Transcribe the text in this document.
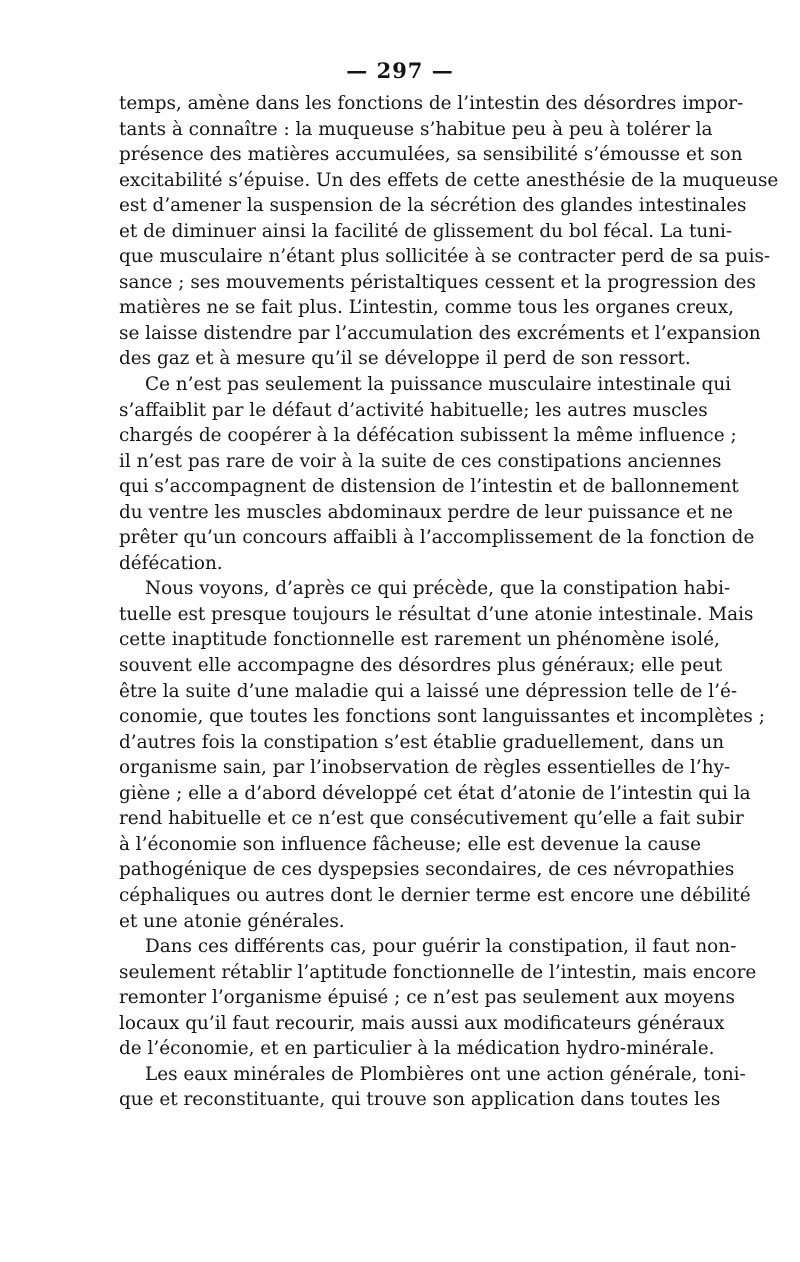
— 297 —
temps, amène dans les fonctions de l’intestin des désordres impor-
tants à connaître : la muqueuse s’habitue peu à peu à tolérer la
présence des matières accumulées, sa sensibilité s’émousse et son
excitabilité s’épuise. Un des effets de cette anesthésie de la muqueuse
est d’amener la suspension de la sécrétion des glandes intestinales
et de diminuer ainsi la facilité de glissement du bol fécal. La tuni-
que musculaire n’étant plus sollicitée à se contracter perd de sa puis-
sance ; ses mouvements péristaltiques cessent et la progression des
matières ne se fait plus. L’intestin, comme tous les organes creux,
se laisse distendre par l’accumulation des excréments et l’expansion
des gaz et à mesure qu’il se développe il perd de son ressort.
Ce n’est pas seulement la puissance musculaire intestinale qui
s’affaiblit par le défaut d’activité habituelle; les autres muscles
chargés de coopérer à la défécation subissent la même influence ;
il n’est pas rare de voir à la suite de ces constipations anciennes
qui s’accompagnent de distension de l’intestin et de ballonnement
du ventre les muscles abdominaux perdre de leur puissance et ne
prêter qu’un concours affaibli à l’accomplissement de la fonction de
défécation.
Nous voyons, d’après ce qui précède, que la constipation habi-
tuelle est presque toujours le résultat d’une atonie intestinale. Mais
cette inaptitude fonctionnelle est rarement un phénomène isolé,
souvent elle accompagne des désordres plus généraux; elle peut
être la suite d’une maladie qui a laissé une dépression telle de l’é-
conomie, que toutes les fonctions sont languissantes et incomplètes ;
d’autres fois la constipation s’est établie graduellement, dans un
organisme sain, par l’inobservation de règles essentielles de l’hy-
giène ; elle a d’abord développé cet état d’atonie de l’intestin qui la
rend habituelle et ce n’est que consécutivement qu’elle a fait subir
à l’économie son influence fâcheuse; elle est devenue la cause
pathogénique de ces dyspepsies secondaires, de ces névropathies
céphaliques ou autres dont le dernier terme est encore une débilité
et une atonie générales.
Dans ces différents cas, pour guérir la constipation, il faut non-
seulement rétablir l’aptitude fonctionnelle de l’intestin, mais encore
remonter l’organisme épuisé ; ce n’est pas seulement aux moyens
locaux qu’il faut recourir, mais aussi aux modificateurs généraux
de l’économie, et en particulier à la médication hydro-minérale.
Les eaux minérales de Plombières ont une action générale, toni-
que et reconstituante, qui trouve son application dans toutes les
